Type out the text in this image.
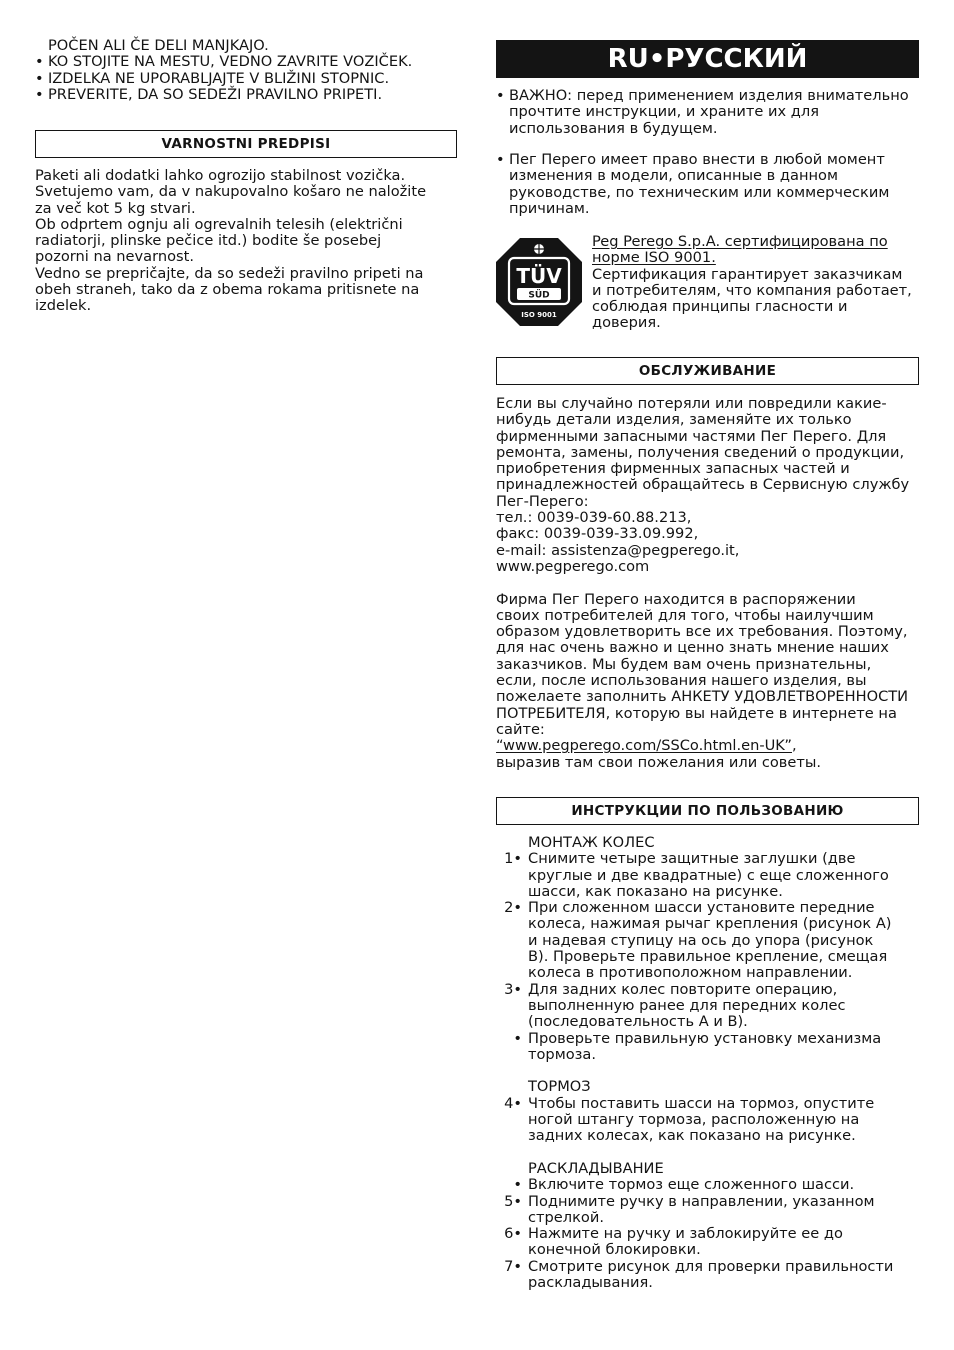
POČEN ALI ČE DELI MANJKAJO.
• KO STOJITE NA MESTU, VEDNO ZAVRITE VOZIČEK.
• IZDELKA NE UPORABLJAJTE V BLIŽINI STOPNIC.
• PREVERITE, DA SO SEDEŽI PRAVILNO PRIPETI.
VARNOSTNI PREDPISI
Paketi ali dodatki lahko ogrozijo stabilnost vozička.
Svetujemo vam, da v nakupovalno košaro ne naložite
za več kot 5 kg stvari.
Ob odprtem ognju ali ogrevalnih telesih (električni
radiatorji, plinske pečice itd.) bodite še posebej
pozorni na nevarnost.
Vedno se prepričajte, da so sedeži pravilno pripeti na
obeh straneh, tako da z obema rokama pritisnete na
izdelek.
RU•РУССКИЙ
• ВАЖНО: перед применением изделия внимательно
прочтите инструкции, и храните их для
использования в будущем.
• Пег Перего имеет право внести в любой момент
изменения в модели, описанные в данном
руководстве, по техническим или коммерческим
причинам.
TÜV
SÜD
ISO 9001
Peg Perego S.p.A. сертифицирована по
норме ISO 9001.
Сертификация гарантирует заказчикам
и потребителям, что компания работает,
соблюдая принципы гласности и
доверия.
ОБСЛУЖИВАНИЕ
Если вы случайно потеряли или повредили какие-
нибудь детали изделия, заменяйте их только
фирменными запасными частями Пег Перего. Для
ремонта, замены, получения сведений о продукции,
приобретения фирменных запасных частей и
принадлежностей обращайтесь в Сервисную службу
Пег-Перего:
тел.: 0039-039-60.88.213,
факс: 0039-039-33.09.992,
e-mail: assistenza@pegperego.it,
www.pegperego.com
Фирма Пег Перего находится в распоряжении
своих потребителей для того, чтобы наилучшим
образом удовлетворить все их требования. Поэтому,
для нас очень важно и ценно знать мнение наших
заказчиков. Мы будем вам очень признательны,
если, после использования нашего изделия, вы
пожелаете заполнить АНКЕТУ УДОВЛЕТВОРЕННОСТИ
ПОТРЕБИТЕЛЯ, которую вы найдете в интернете на
сайте:
“www.pegperego.com/SSCo.html.en-UK”,
выразив там свои пожелания или советы.
ИНСТРУКЦИИ ПО ПОЛЬЗОВАНИЮ
МОНТАЖ КОЛЕС
1• Снимите четыре защитные заглушки (две
круглые и две квадратные) с еще сложенного
шасси, как показано на рисунке.
2• При сложенном шасси установите передние
колеса, нажимая рычаг крепления (рисунок А)
и надевая ступицу на ось до упора (рисунок
В). Проверьте правильное крепление, смещая
колеса в противоположном направлении.
3• Для задних колес повторите операцию,
выполненную ранее для передних колес
(последовательность А и В).
• Проверьте правильную установку механизма
тормоза.
ТОРМОЗ
4• Чтобы поставить шасси на тормоз, опустите
ногой штангу тормоза, расположенную на
задних колесах, как показано на рисунке.
РАСКЛАДЫВАНИЕ
• Включите тормоз еще сложенного шасси.
5• Поднимите ручку в направлении, указанном
стрелкой.
6• Нажмите на ручку и заблокируйте ее до
конечной блокировки.
7• Смотрите рисунок для проверки правильности
раскладывания.
